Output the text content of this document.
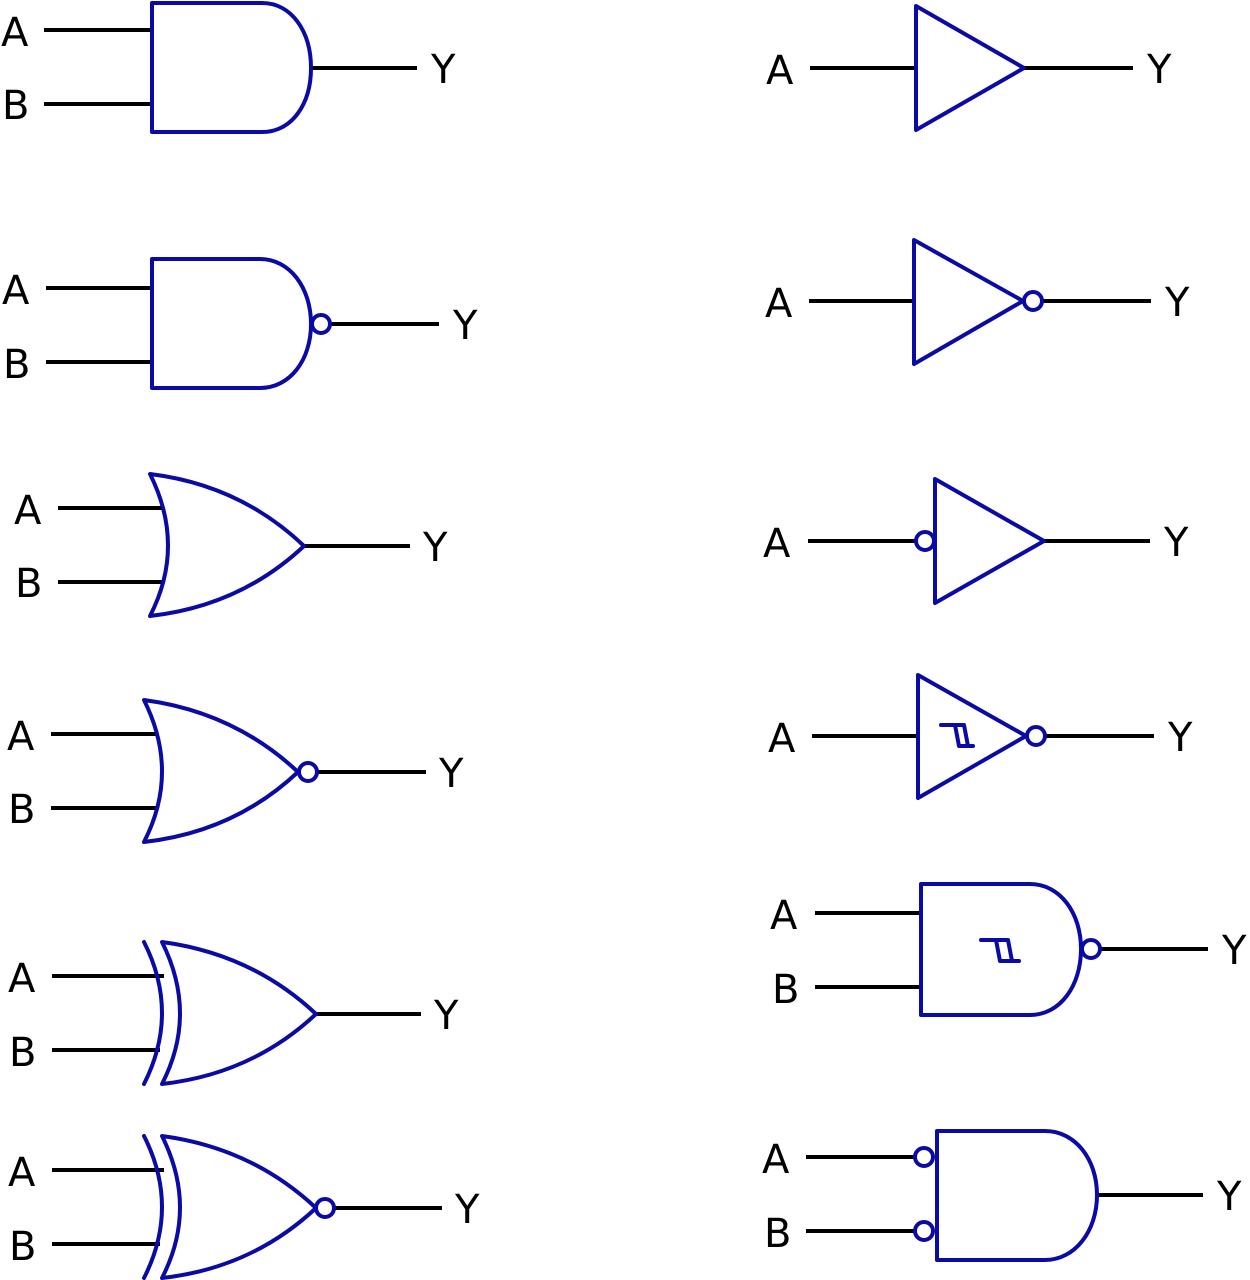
A
B
Y
A
B
Y
A
B
Y
A
B
Y
A
B
Y
A
B
Y
A	Y
A	Y
A	Y
A	Y
A
B
Y
A
B
Y
